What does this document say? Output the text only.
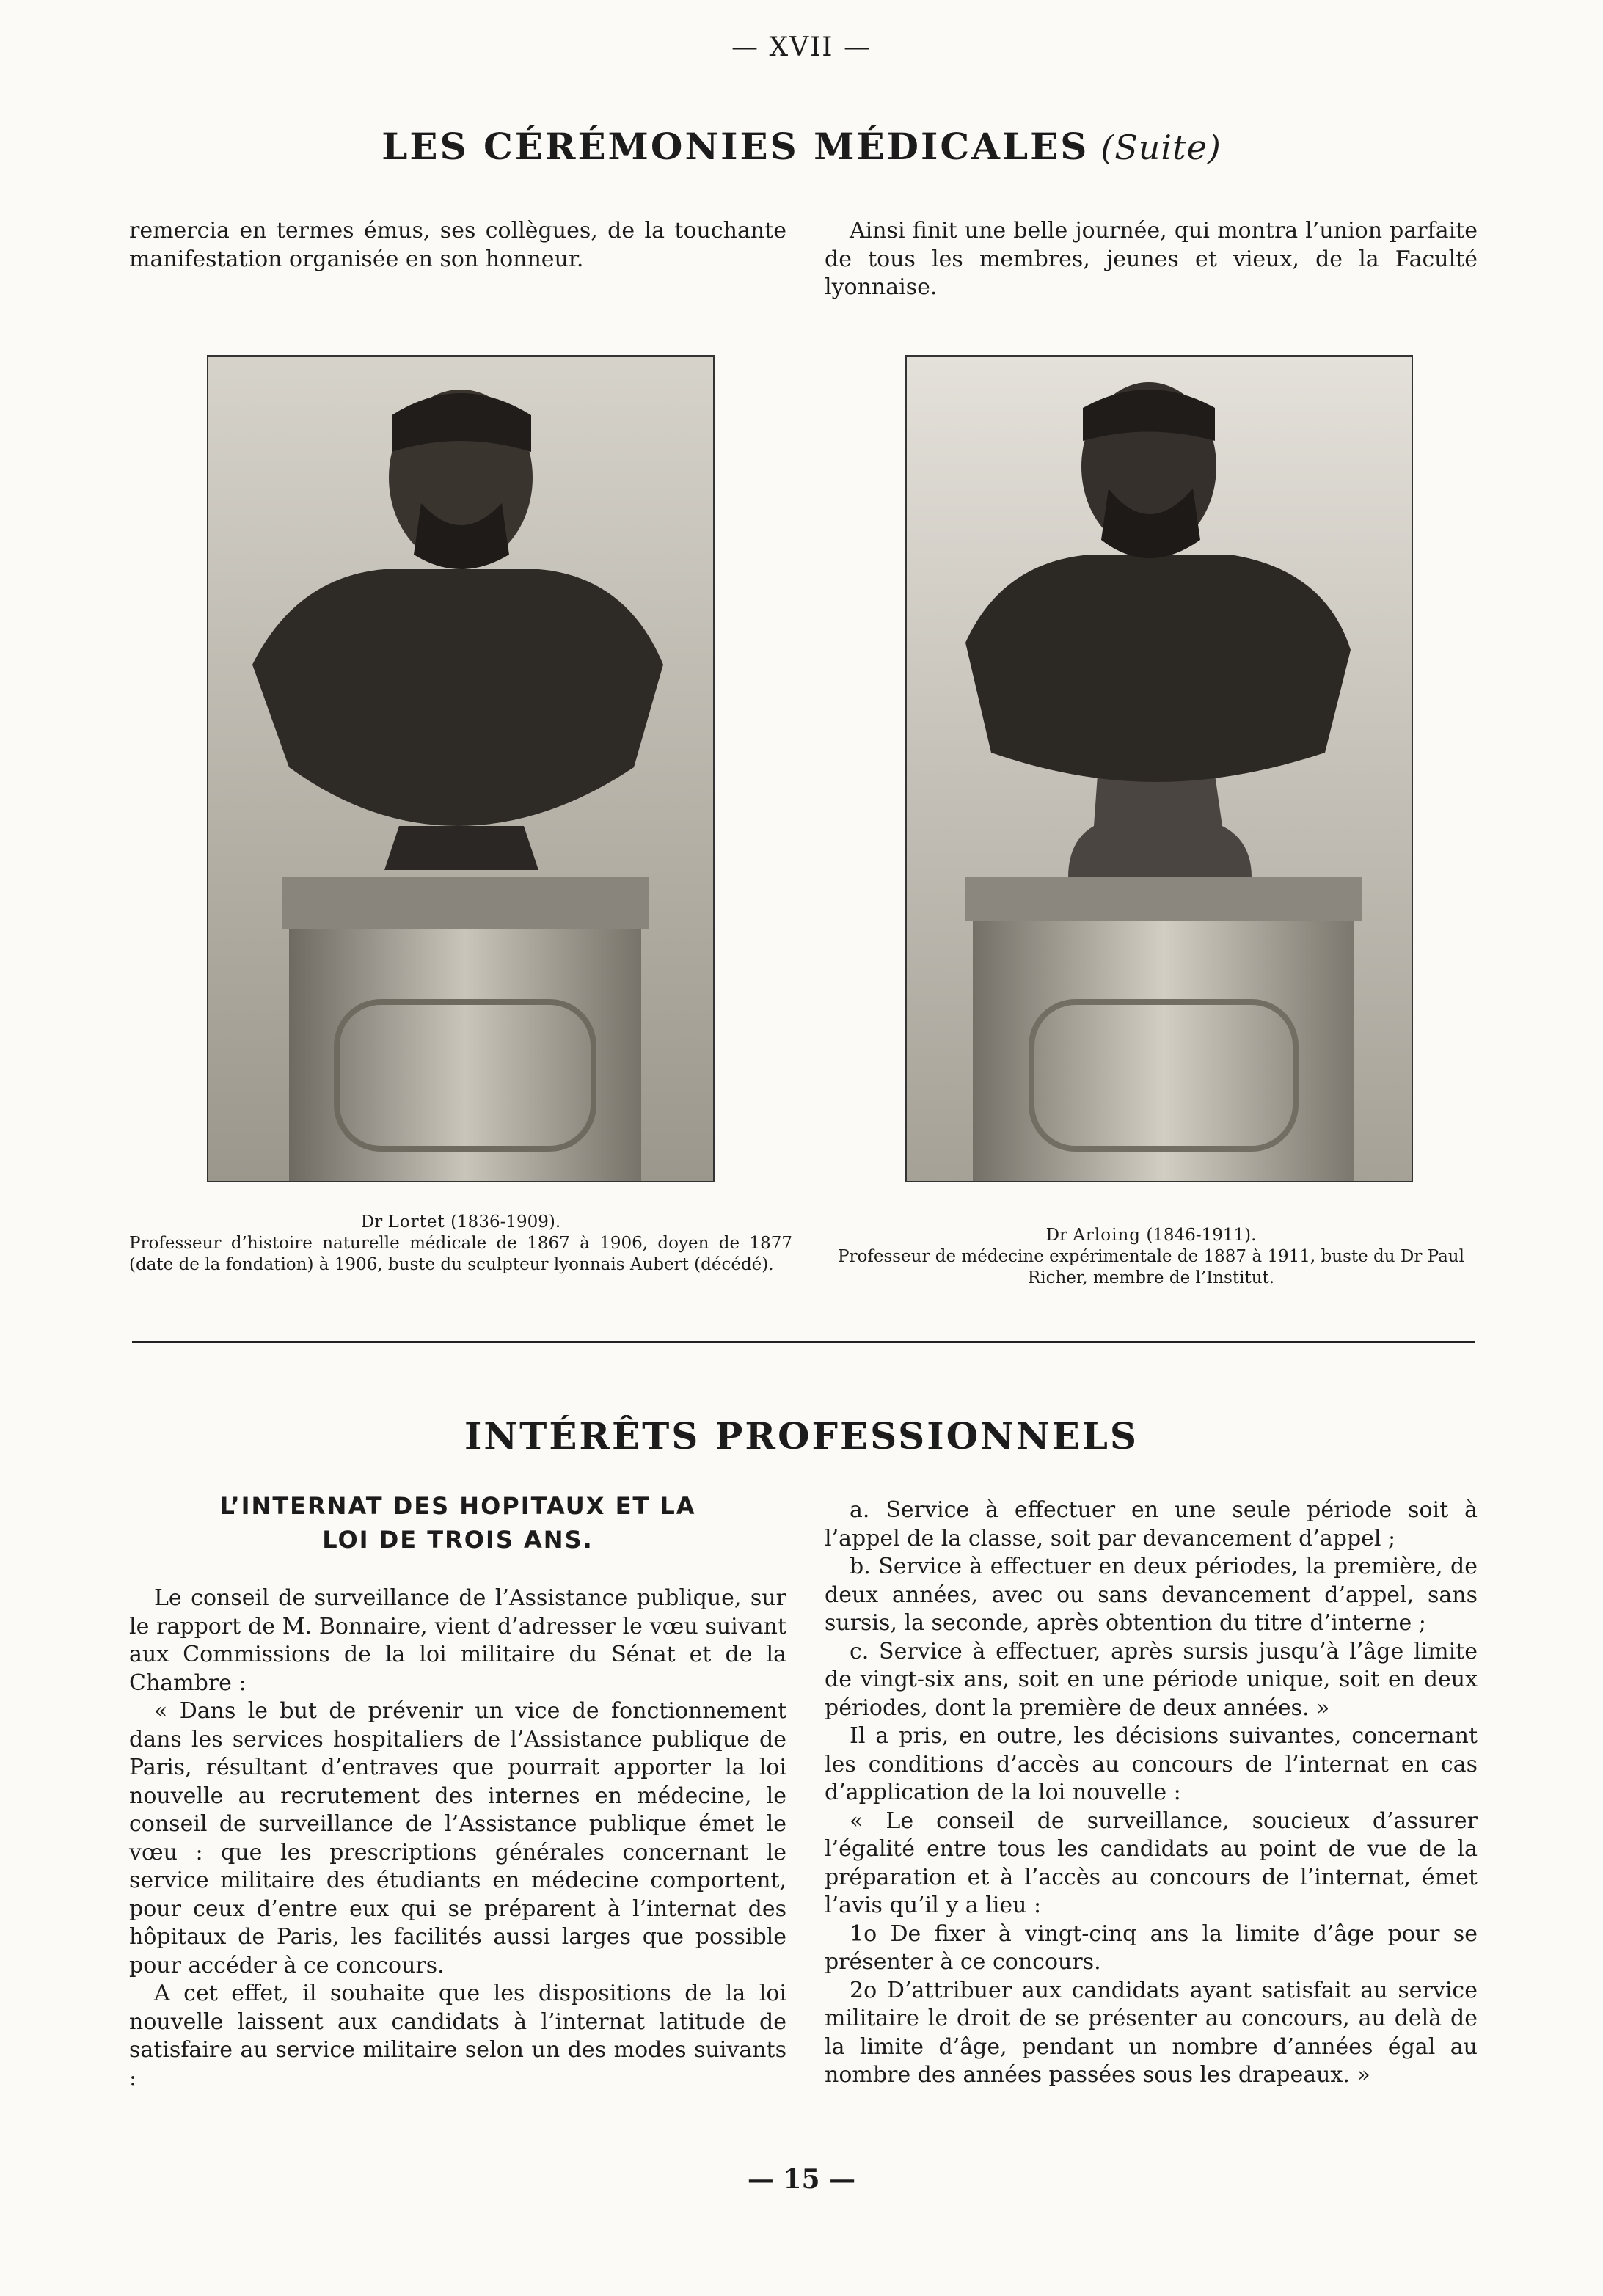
— XVII —
LES CÉRÉMONIES MÉDICALES (Suite)

remercia en termes émus, ses collègues, de la touchante manifestation organisée en son honneur.

Ainsi finit une belle journée, qui montra l’union parfaite de tous les membres, jeunes et vieux, de la Faculté lyonnaise.

Dr Lortet (1836-1909).
Professeur d’histoire naturelle médicale de 1867 à 1906, doyen de 1877 (date de la fondation) à 1906, buste du sculpteur lyonnais Aubert (décédé).
Dr Arloing (1846-1911).
Professeur de médecine expérimentale de 1887 à 1911, buste du Dr Paul Richer, membre de l’Institut.
INTÉRÊTS PROFESSIONNELS
L’INTERNAT DES HOPITAUX ET LA
LOI DE TROIS ANS.

Le conseil de surveillance de l’Assistance publique, sur le rapport de M. Bonnaire, vient d’adresser le vœu suivant aux Commissions de la loi militaire du Sénat et de la Chambre :

« Dans le but de prévenir un vice de fonctionnement dans les services hospitaliers de l’Assistance publique de Paris, résultant d’entraves que pourrait apporter la loi nouvelle au recrutement des internes en médecine, le conseil de surveillance de l’Assistance publique émet le vœu : que les prescriptions générales concernant le service militaire des étudiants en médecine comportent, pour ceux d’entre eux qui se préparent à l’internat des hôpitaux de Paris, les facilités aussi larges que possible pour accéder à ce concours.

A cet effet, il souhaite que les dispositions de la loi nouvelle laissent aux candidats à l’internat latitude de satisfaire au service militaire selon un des modes suivants :

a. Service à effectuer en une seule période soit à l’appel de la classe, soit par devancement d’appel ;

b. Service à effectuer en deux périodes, la première, de deux années, avec ou sans devancement d’appel, sans sursis, la seconde, après obtention du titre d’interne ;

c. Service à effectuer, après sursis jusqu’à l’âge limite de vingt-six ans, soit en une période unique, soit en deux périodes, dont la première de deux années. »

Il a pris, en outre, les décisions suivantes, concernant les conditions d’accès au concours de l’internat en cas d’application de la loi nouvelle :

« Le conseil de surveillance, soucieux d’assurer l’égalité entre tous les candidats au point de vue de la préparation et à l’accès au concours de l’internat, émet l’avis qu’il y a lieu :

1o De fixer à vingt-cinq ans la limite d’âge pour se présenter à ce concours.

2o D’attribuer aux candidats ayant satisfait au service militaire le droit de se présenter au concours, au delà de la limite d’âge, pendant un nombre d’années égal au nombre des années passées sous les drapeaux. »

— 15 —
